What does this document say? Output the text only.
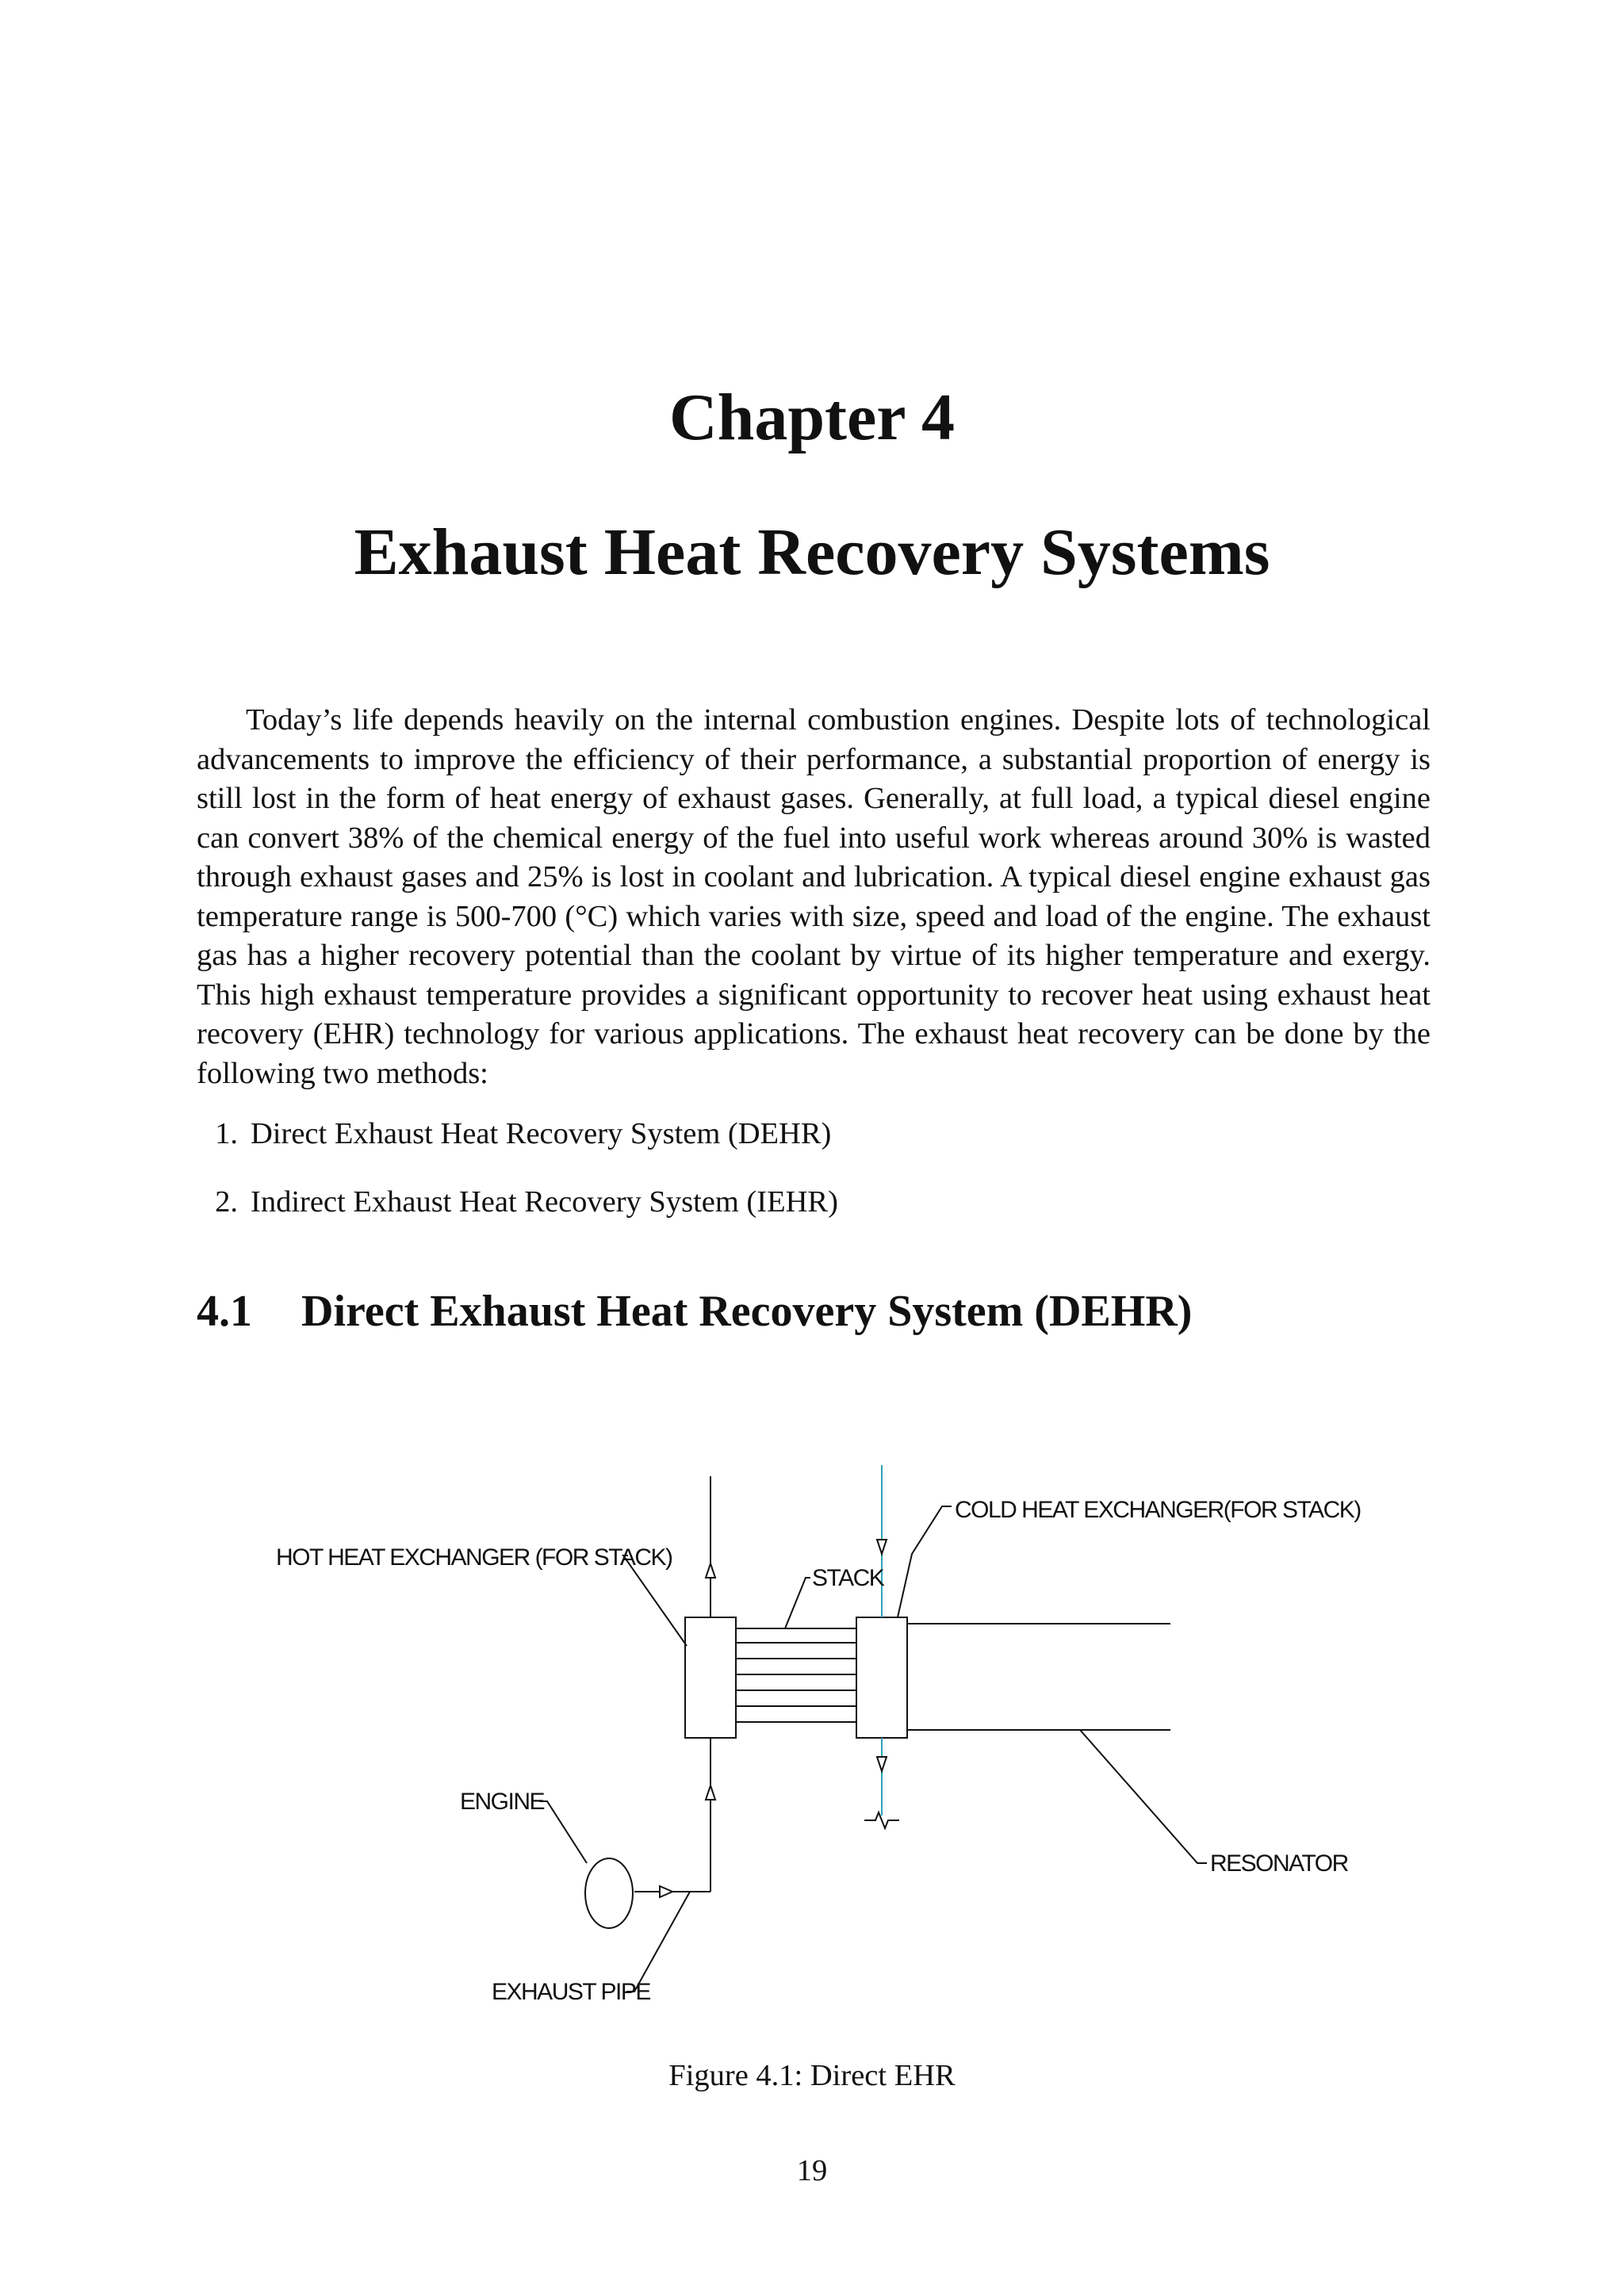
Chapter 4
Exhaust Heat Recovery Systems

Today’s life depends heavily on the internal combustion engines. Despite lots of technological advancements to improve the efficiency of their performance, a substantial proportion of energy is still lost in the form of heat energy of exhaust gases. Generally, at full load, a typical diesel engine can convert 38% of the chemical energy of the fuel into useful work whereas around 30% is wasted through exhaust gases and 25% is lost in coolant and lubrication. A typical diesel engine exhaust gas temperature range is 500-700 (°C) which varies with size, speed and load of the engine. The exhaust gas has a higher recovery potential than the coolant by virtue of its higher temperature and exergy. This high exhaust temperature provides a significant opportunity to recover heat using exhaust heat recovery (EHR) technology for various applications. The exhaust heat recovery can be done by the following two methods:

1. Direct Exhaust Heat Recovery System (DEHR)
2. Indirect Exhaust Heat Recovery System (IEHR)
4.1 Direct Exhaust Heat Recovery System (DEHR)
COLD HEAT EXCHANGER(FOR STACK)
HOT HEAT EXCHANGER (FOR STACK)
STACK
ENGINE
RESONATOR
EXHAUST PIPE

Figure 4.1: Direct EHR

19
